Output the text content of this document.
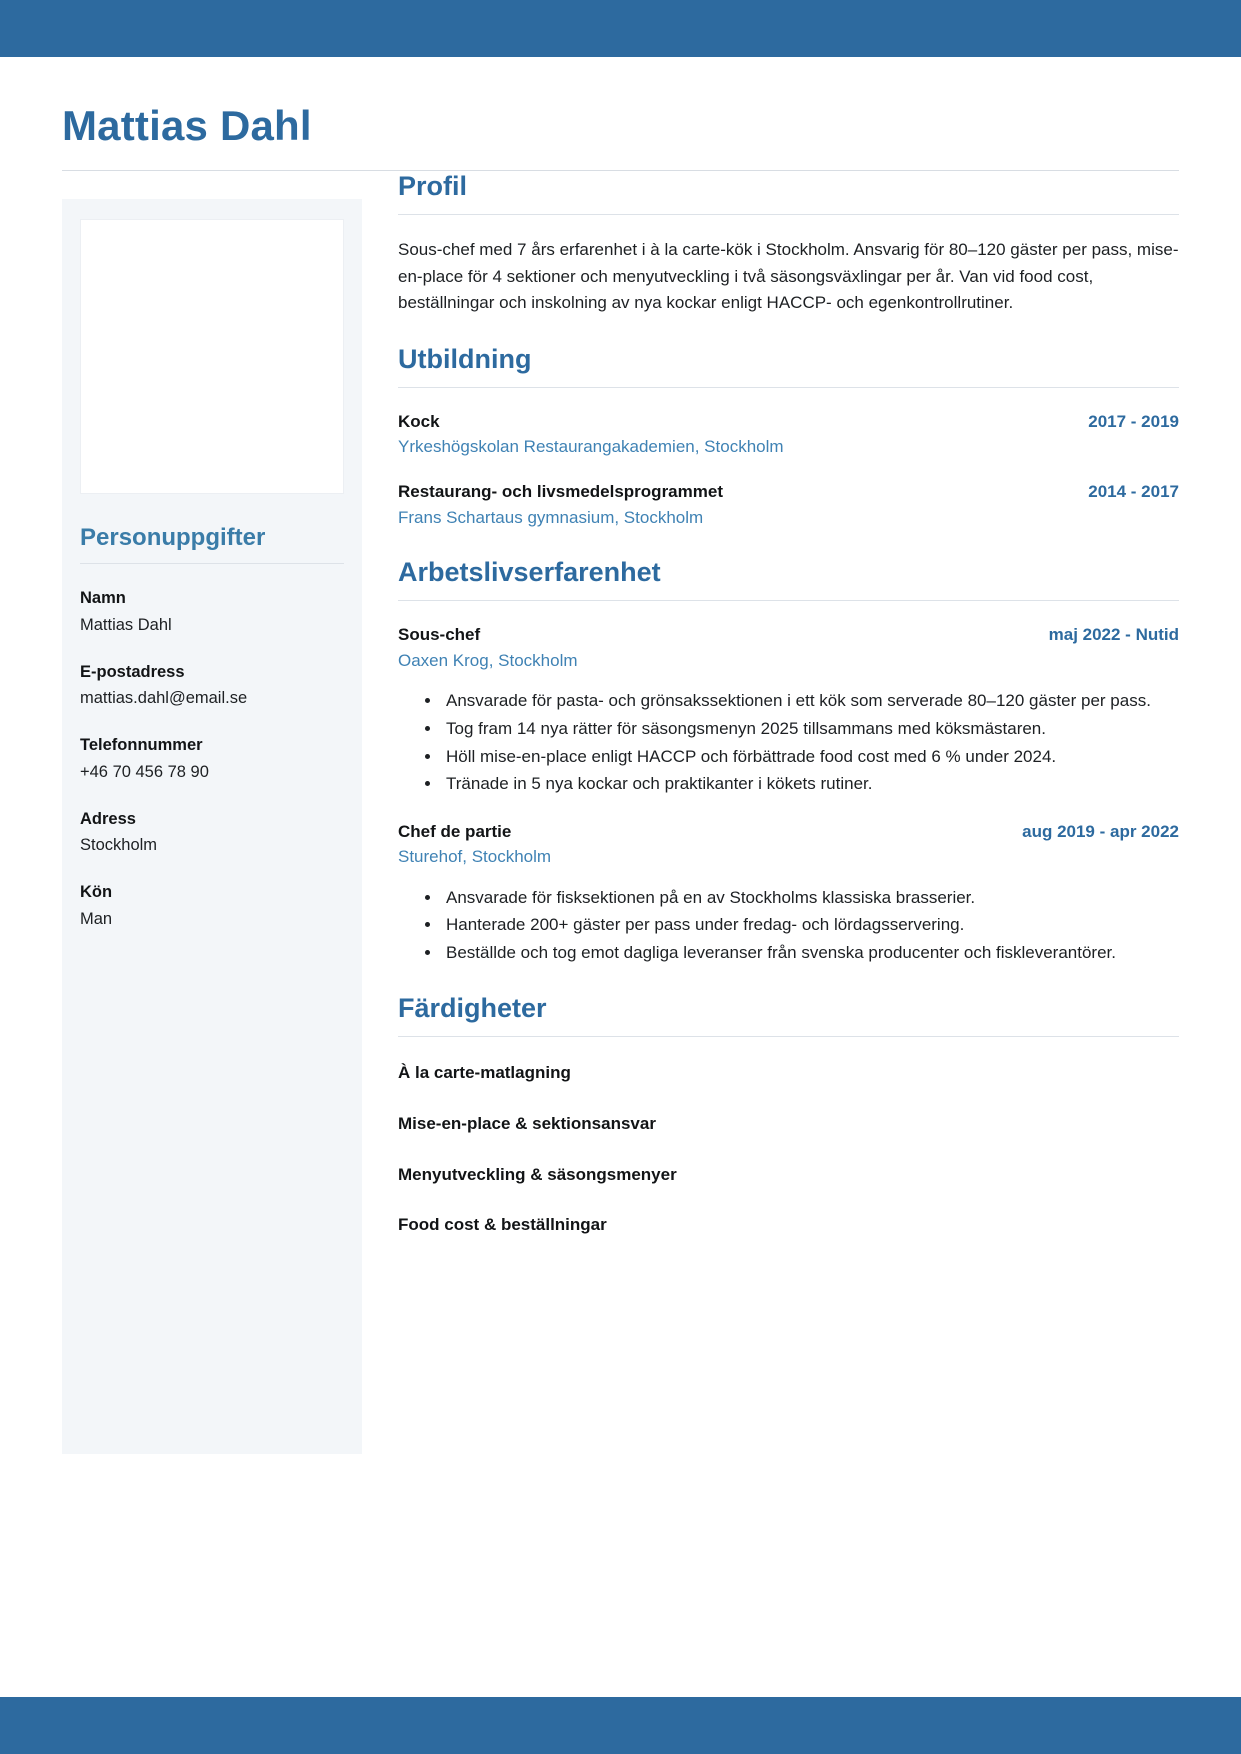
Mattias Dahl
Personuppgifter
Namn
Mattias Dahl
E-postadress
mattias.dahl@email.se
Telefonnummer
+46 70 456 78 90
Adress
Stockholm
Kön
Man
Profil
Sous-chef med 7 års erfarenhet i à la carte-kök i Stockholm. Ansvarig för 80–120 gäster per pass, mise-en-place för 4 sektioner och menyutveckling i två säsongsväxlingar per år. Van vid food cost, beställningar och inskolning av nya kockar enligt HACCP- och egenkontrollrutiner.
Utbildning
Kock	2017 - 2019
Yrkeshögskolan Restaurangakademien, Stockholm
Restaurang- och livsmedelsprogrammet	2014 - 2017
Frans Schartaus gymnasium, Stockholm
Arbetslivserfarenhet
Sous-chef	maj 2022 - Nutid
Oaxen Krog, Stockholm
• Ansvarade för pasta- och grönsakssektionen i ett kök som serverade 80–120 gäster per pass.
• Tog fram 14 nya rätter för säsongsmenyn 2025 tillsammans med köksmästaren.
• Höll mise-en-place enligt HACCP och förbättrade food cost med 6 % under 2024.
• Tränade in 5 nya kockar och praktikanter i kökets rutiner.
Chef de partie	aug 2019 - apr 2022
Sturehof, Stockholm
• Ansvarade för fisksektionen på en av Stockholms klassiska brasserier.
• Hanterade 200+ gäster per pass under fredag- och lördagsservering.
• Beställde och tog emot dagliga leveranser från svenska producenter och fiskleverantörer.
Färdigheter
À la carte-matlagning
Mise-en-place & sektionsansvar
Menyutveckling & säsongsmenyer
Food cost & beställningar
